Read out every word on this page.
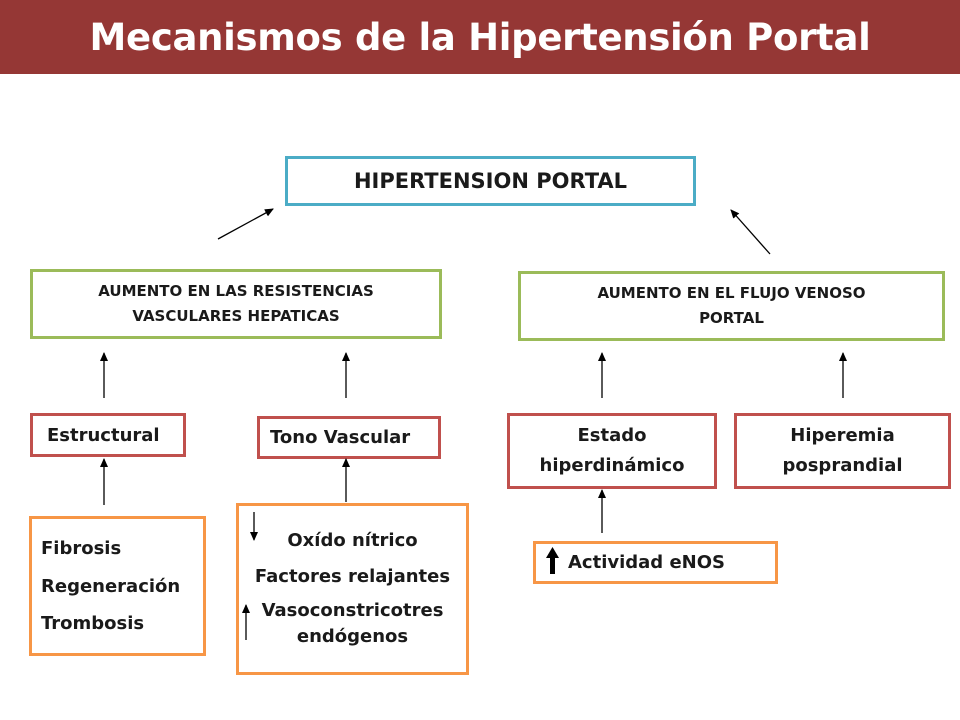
Mecanismos de la Hipertensión Portal
HIPERTENSION PORTAL
AUMENTO EN LAS RESISTENCIAS
VASCULARES HEPATICAS
AUMENTO EN EL FLUJO VENOSO
PORTAL
Estructural	Tono Vascular	Estado
hiperdinámico
Hiperemia
posprandial
Fibrosis
Regeneración
Trombosis

Oxído nítrico

Factores relajantes

Vasoconstricotres

endógenos

Actividad eNOS
